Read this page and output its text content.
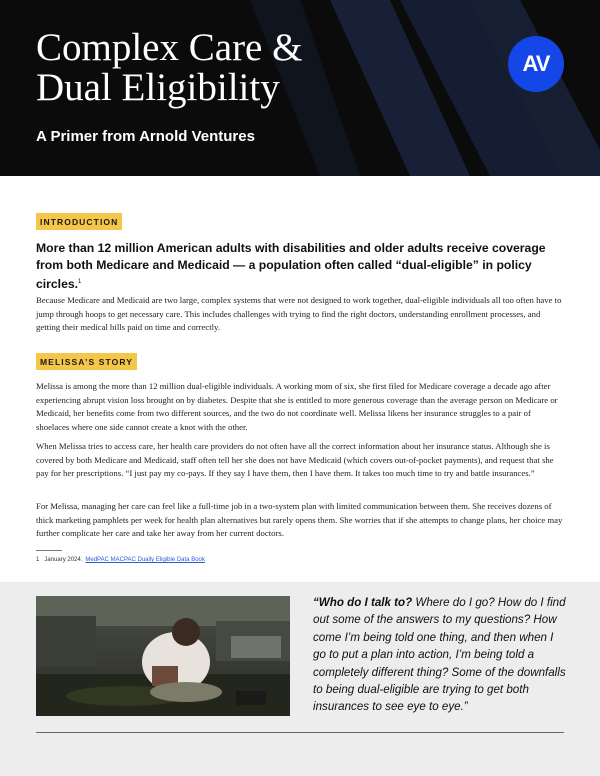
Complex Care &
Dual Eligibility
A Primer from Arnold Ventures
AV
INTRODUCTION

More than 12 million American adults with disabilities and older adults receive coverage from both Medicare and Medicaid — a population often called “dual-eligible” in policy circles.$^1$

Because Medicare and Medicaid are two large, complex systems that were not designed to work together, dual-eligible individuals all too often have to jump through hoops to get necessary care. This includes challenges with trying to find the right doctors, understanding enrollment processes, and getting their medical bills paid on time and correctly.

MELISSA’S STORY

Melissa is among the more than 12 million dual-eligible individuals. A working mom of six, she first filed for Medicare coverage a decade ago after experiencing abrupt vision loss brought on by diabetes. Despite that she is entitled to more generous coverage than the average person on Medicare or Medicaid, her benefits come from two different sources, and the two do not coordinate well. Melissa likens her insurance struggles to a pair of shoelaces where one side cannot create a knot with the other.

When Melissa tries to access care, her health care providers do not often have all the correct information about her insurance status. Although she is covered by both Medicare and Medicaid, staff often tell her she does not have Medicaid (which covers out-of-pocket payments), and request that she pay for her prescriptions. “I just pay my co-pays. If they say I have them, then I have them. It takes too much time to try and battle insurances.”

For Melissa, managing her care can feel like a full-time job in a two-system plan with limited communication between them. She receives dozens of thick marketing pamphlets per week for health plan alternatives but rarely opens them. She worries that if she attempts to change plans, her choice may further complicate her care and take her away from her current doctors.

1 January 2024. MedPAC MACPAC Dually Eligible Data Book
“Who do I talk to? Where do I go? How do I find out some of the answers to my questions? How come I’m being told one thing, and then when I go to put a plan into action, I’m being told a completely different thing? Some of the downfalls to being dual-eligible are trying to get both insurances to see eye to eye.”
